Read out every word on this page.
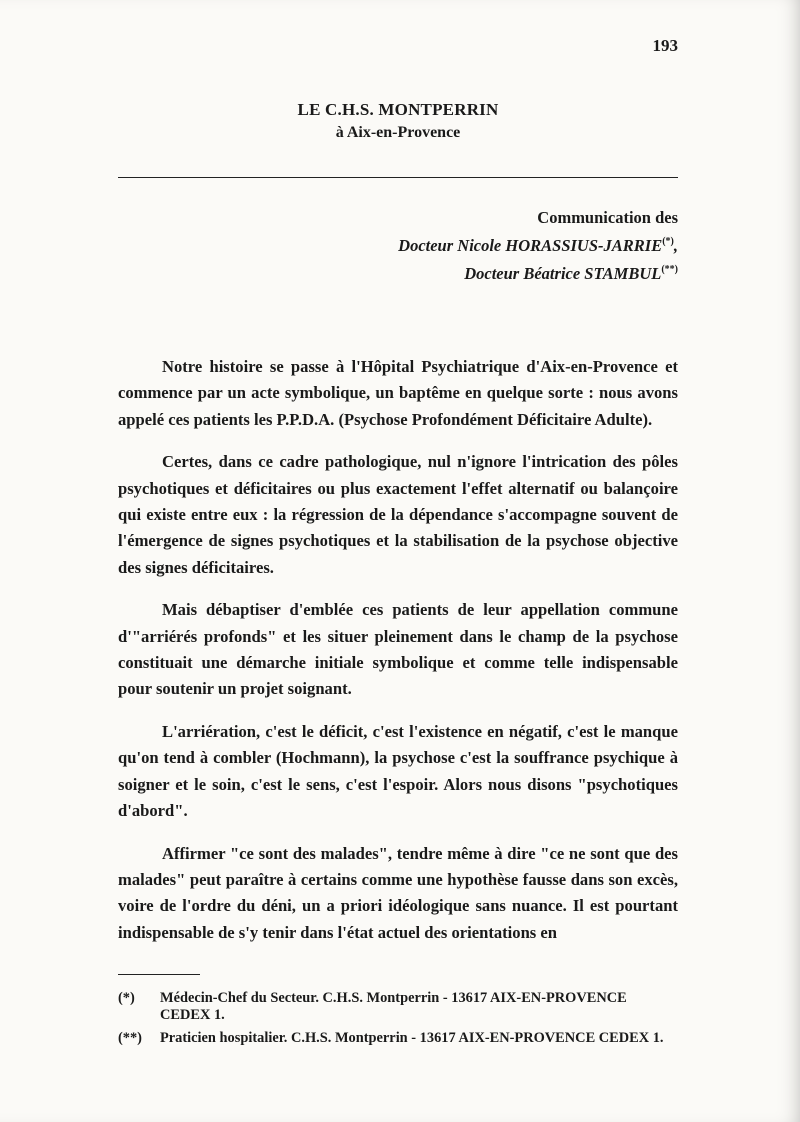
193

LE C.H.S. MONTPERRIN

à Aix-en-Provence

Communication des
Docteur Nicole HORASSIUS-JARRIE(*),
Docteur Béatrice STAMBUL(**)

Notre histoire se passe à l'Hôpital Psychiatrique d'Aix-en-Provence et commence par un acte symbolique, un baptême en quelque sorte : nous avons appelé ces patients les P.P.D.A. (Psychose Profondément Déficitaire Adulte).

Certes, dans ce cadre pathologique, nul n'ignore l'intrication des pôles psychotiques et déficitaires ou plus exactement l'effet alternatif ou balançoire qui existe entre eux : la régression de la dépendance s'accompagne souvent de l'émergence de signes psychotiques et la stabilisation de la psychose objective des signes déficitaires.

Mais débaptiser d'emblée ces patients de leur appellation commune d'"arriérés profonds" et les situer pleinement dans le champ de la psychose constituait une démarche initiale symbolique et comme telle indispensable pour soutenir un projet soignant.

L'arriération, c'est le déficit, c'est l'existence en négatif, c'est le manque qu'on tend à combler (Hochmann), la psychose c'est la souffrance psychique à soigner et le soin, c'est le sens, c'est l'espoir. Alors nous disons "psychotiques d'abord".

Affirmer "ce sont des malades", tendre même à dire "ce ne sont que des malades" peut paraître à certains comme une hypothèse fausse dans son excès, voire de l'ordre du déni, un a priori idéologique sans nuance. Il est pourtant indispensable de s'y tenir dans l'état actuel des orientations en

(*)	Médecin-Chef du Secteur. C.H.S. Montperrin - 13617 AIX-EN-PROVENCE CEDEX 1.
(**)	Praticien hospitalier. C.H.S. Montperrin - 13617 AIX-EN-PROVENCE CEDEX 1.
